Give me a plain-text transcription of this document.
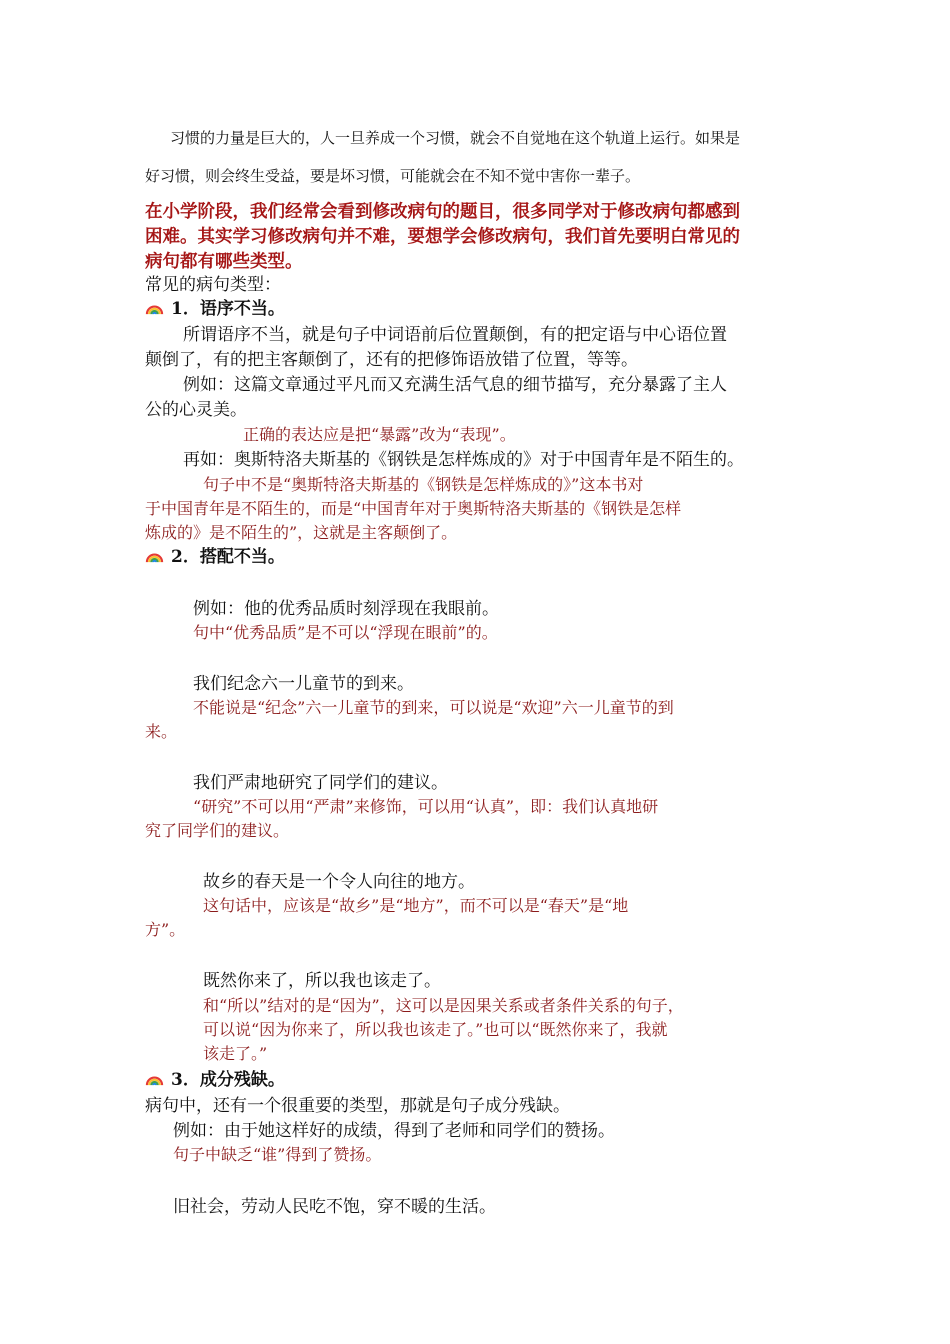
习惯的力量是巨大的，人一旦养成一个习惯，就会不自觉地在这个轨道上运行。如果是
好习惯，则会终生受益，要是坏习惯，可能就会在不知不觉中害你一辈子。
在小学阶段，我们经常会看到修改病句的题目，很多同学对于修改病句都感到
困难。其实学习修改病句并不难，要想学会修改病句，我们首先要明白常见的
病句都有哪些类型。
常见的病句类型：
1．语序不当。
所谓语序不当，就是句子中词语前后位置颠倒，有的把定语与中心语位置
颠倒了，有的把主客颠倒了，还有的把修饰语放错了位置，等等。
例如：这篇文章通过平凡而又充满生活气息的细节描写，充分暴露了主人
公的心灵美。
正确的表达应是把“暴露”改为“表现”。
再如：奥斯特洛夫斯基的《钢铁是怎样炼成的》对于中国青年是不陌生的。
句子中不是“奥斯特洛夫斯基的《钢铁是怎样炼成的》”这本书对
于中国青年是不陌生的，而是“中国青年对于奥斯特洛夫斯基的《钢铁是怎样
炼成的》是不陌生的”，这就是主客颠倒了。
2．搭配不当。
例如：他的优秀品质时刻浮现在我眼前。
句中“优秀品质”是不可以“浮现在眼前”的。
我们纪念六一儿童节的到来。
不能说是“纪念”六一儿童节的到来，可以说是“欢迎”六一儿童节的到
来。
我们严肃地研究了同学们的建议。
“研究”不可以用“严肃”来修饰，可以用“认真”，即：我们认真地研
究了同学们的建议。
故乡的春天是一个令人向往的地方。
这句话中，应该是“故乡”是“地方”，而不可以是“春天”是“地
方”。
既然你来了，所以我也该走了。
和“所以”结对的是“因为”，这可以是因果关系或者条件关系的句子，
可以说“因为你来了，所以我也该走了。”也可以“既然你来了，我就
该走了。”
3．成分残缺。
病句中，还有一个很重要的类型，那就是句子成分残缺。
例如：由于她这样好的成绩，得到了老师和同学们的赞扬。
句子中缺乏“谁”得到了赞扬。
旧社会，劳动人民吃不饱，穿不暖的生活。
